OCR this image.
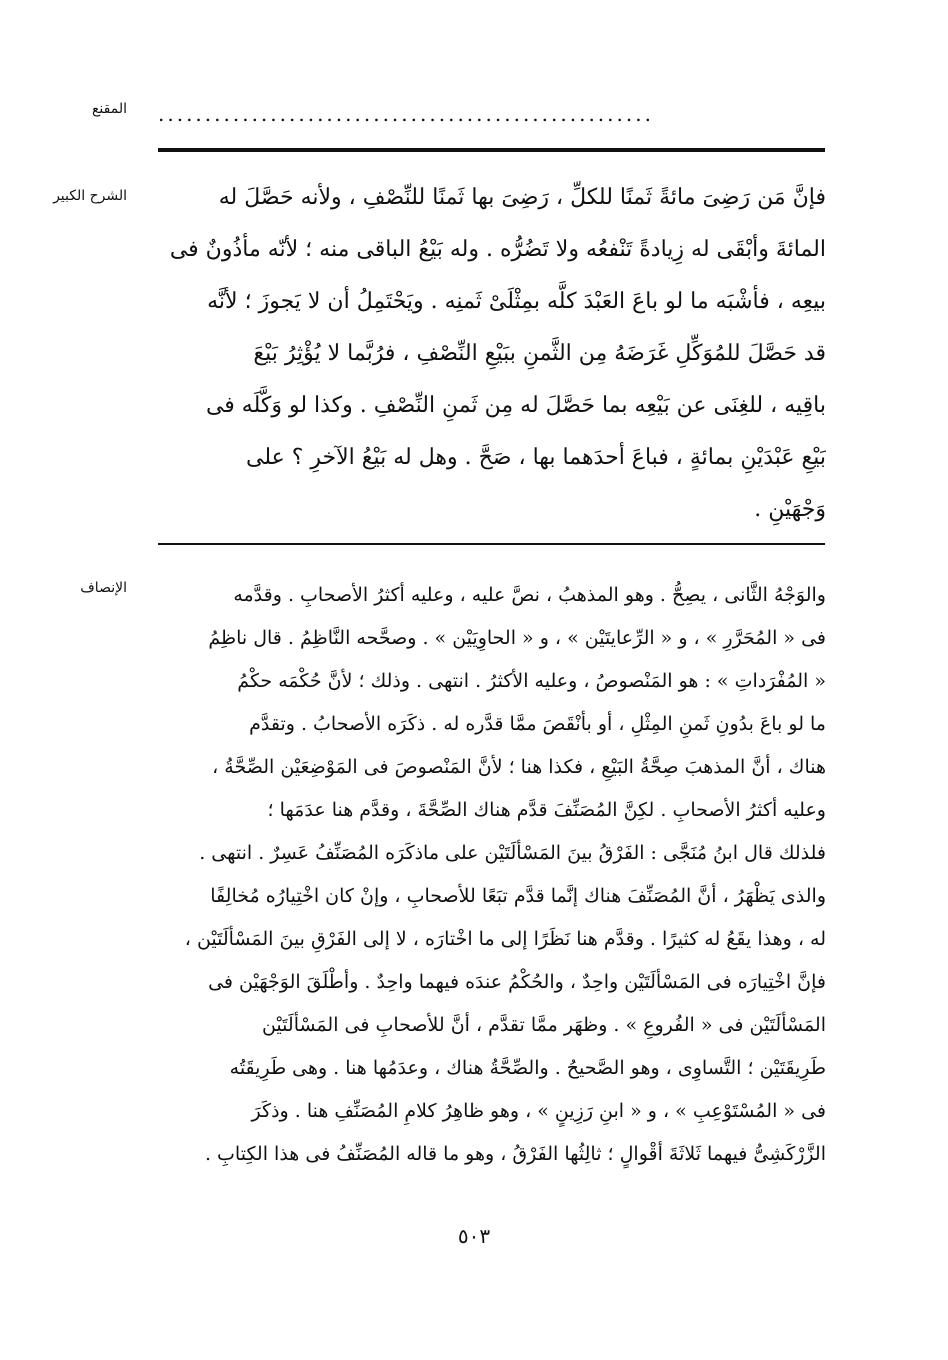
المقنع .....................................................
الشرح الكبير	فإنَّ مَن رَضِىَ مائةً ثَمنًا للكلِّ ، رَضِىَ بها ثَمنًا للنِّصْفِ ، ولأنه حَصَّلَ له
المائةَ وأبْقَى له زِيادةً تَنْفعُه ولا تَضُرُّه . وله بَيْعُ الباقى منه ؛ لأنّه مأذُونٌ فى
بيعِه ، فأشْبَه ما لو باعَ العَبْدَ كلَّه بمِثْلَىْ ثَمنِه . ويَحْتَمِلُ أن لا يَجوزَ ؛ لأنَّه
قد حَصَّلَ للمُوَكِّلِ غَرَضَهُ مِن الثَّمنِ ببَيْعِ النِّصْفِ ، فرُبَّما لا يُؤْثِرُ بَيْعَ
باقِيه ، للغِنَى عن بَيْعِه بما حَصَّلَ له مِن ثَمنِ النِّصْفِ . وكذا لو وَكَّلَه فى
بَيْعِ عَبْدَيْنِ بمائةٍ ، فباعَ أحدَهما بها ، صَحَّ . وهل له بَيْعُ الآخرِ ؟ على
وَجْهَيْنِ .
الإنصاف	والوَجْهُ الثَّانى ، يصِحُّ . وهو المذهبُ ، نصَّ عليه ، وعليه أكثرُ الأصحابِ . وقدَّمه
فى « المُحَرَّرِ » ، و « الرِّعايتَيْن » ، و « الحاوِيَيْن » . وصحَّحه النَّاظِمُ . قال ناظِمُ
« المُفْرَداتِ » : هو المَنْصوصُ ، وعليه الأكثرُ . انتهى . وذلك ؛ لأنَّ حُكْمَه حكْمُ
ما لو باعَ بدُونِ ثَمنِ المِثْلِ ، أو بأنْقَصَ ممَّا قدَّره له . ذكَرَه الأصحابُ . وتقدَّم
هناك ، أنَّ المذهبَ صِحَّةُ البَيْعِ ، فكذا هنا ؛ لأنَّ المَنْصوصَ فى المَوْضِعَيْن الصِّحَّةُ ،
وعليه أكثرُ الأصحابِ . لكِنَّ المُصَنِّفَ قدَّم هناك الصِّحَّةَ ، وقدَّم هنا عدَمَها ؛
فلذلك قال ابنُ مُنَجَّى : الفَرْقُ بينَ المَسْألَتَيْن على ماذكَرَه المُصَنِّفُ عَسِرٌ . انتهى .
والذى يَظْهَرُ ، أنَّ المُصَنِّفَ هناك إنَّما قدَّم تبَعًا للأصحابِ ، وإنْ كان اخْتِيارُه مُخالِفًا
له ، وهذا يقَعُ له كثيرًا . وقدَّم هنا نَظَرًا إلى ما اخْتارَه ، لا إلى الفَرْقِ بينَ المَسْألَتَيْن ،
فإنَّ اخْتِيارَه فى المَسْألَتَيْن واحِدٌ ، والحُكْمُ عندَه فيهما واحِدٌ . وأطْلَقَ الوَجْهَيْن فى
المَسْألَتَيْن فى « الفُروعِ » . وظهَر ممَّا تقدَّم ، أنَّ للأصحابِ فى المَسْألَتَيْن
طَرِيقَتَيْن ؛ التَّساوِى ، وهو الصَّحيحُ . والصِّحَّةُ هناك ، وعدَمُها هنا . وهى طَرِيقَتُه
فى « المُسْتَوْعِبِ » ، و « ابنِ رَزِينٍ » ، وهو ظاهِرُ كلامِ المُصَنِّفِ هنا . وذكَرَ
الزَّرْكَشِىُّ فيهما ثَلاثَةَ أقْوالٍ ؛ ثالِثُها الفَرْقُ ، وهو ما قاله المُصَنِّفُ فى هذا الكِتابِ .
٥٠٣
